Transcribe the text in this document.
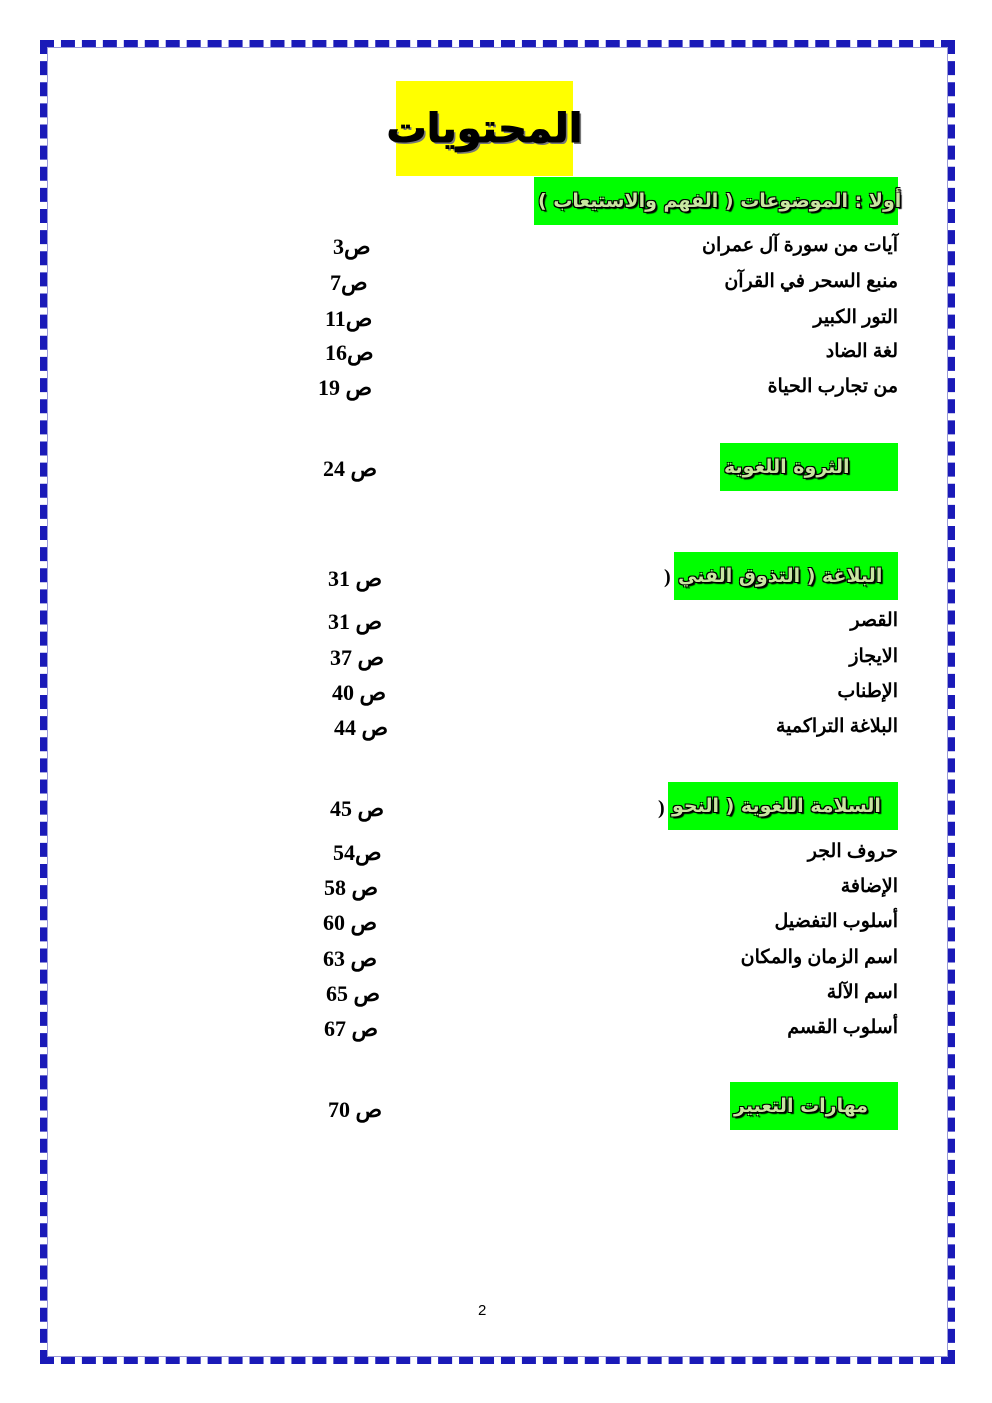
المحتويات
أولا : الموضوعات ( الفهم والاستيعاب )
آيات من سورة آل عمران
ص3
منبع السحر في القرآن
ص7
التور الكبير
ص11
لغة الضاد
ص16
من تجارب الحياة
ص 19
الثروة اللغوية
ص 24
البلاغة ( التذوق الفني
)
ص 31
القصر
ص 31
الايجاز
ص 37
الإطناب
ص 40
البلاغة التراكمية
ص 44
السلامة اللغوية ( النحو
)
ص 45
حروف الجر
ص54
الإضافة
ص 58
أسلوب التفضيل
ص 60
اسم الزمان والمكان
ص 63
اسم الآلة
ص 65
أسلوب القسم
ص 67
مهارات التعبير
ص 70
2
